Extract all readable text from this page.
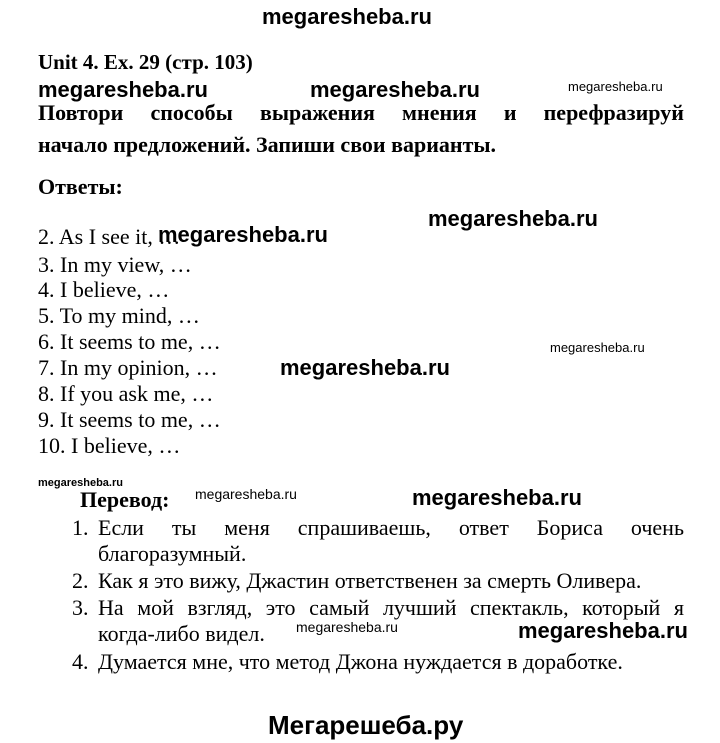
megaresheba.ru
Unit 4. Ex. 29 (стр. 103)
megaresheba.ru	megaresheba.ru	megaresheba.ru
Повтори способы выражения мнения и перефразируй
начало предложений. Запиши свои варианты.
Ответы:
megaresheba.ru
2. As I see it, …
megaresheba.ru
3. In my view, …
4. I believe, …
5. To my mind, …
6. It seems to me, …	megaresheba.ru
7. In my opinion, …	megaresheba.ru
8. If you ask me, …
9. It seems to me, …
10. I believe, …
megaresheba.ru
megaresheba.ru	megaresheba.ru
Перевод:
1. Если ты меня спрашиваешь, ответ Бориса очень
благоразумный.
2. Как я это вижу, Джастин ответственен за смерть Оливера.
3. На мой взгляд, это самый лучший спектакль, который я
когда-либо видел. megaresheba.ru	megaresheba.ru
4. Думается мне, что метод Джона нуждается в доработке.
Мегарешеба.ру
